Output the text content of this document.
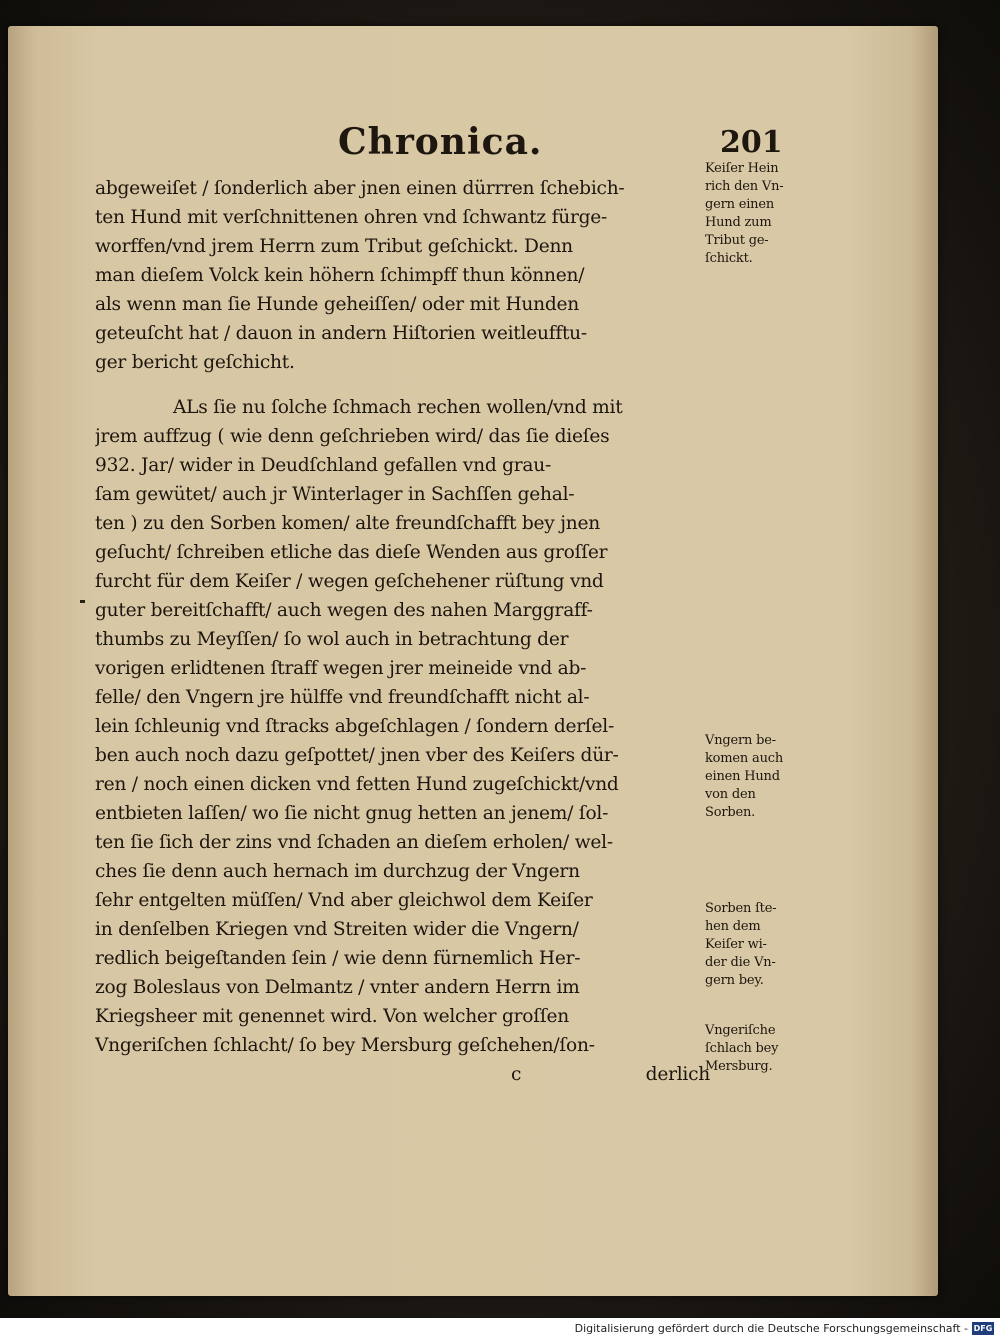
Chronica.	201
abgeweiſet / ſonderlich aber jnen einen dürrren ſchebich-
ten Hund mit verſchnittenen ohren vnd ſchwantz fürge-
worffen/vnd jrem Herrn zum Tribut geſchickt. Denn
man dieſem Volck kein höhern ſchimpff thun können/
als wenn man ſie Hunde geheiſſen/ oder mit Hunden
geteuſcht hat / dauon in andern Hiſtorien weitleufftu-
ger bericht geſchicht.
ALs ſie nu ſolche ſchmach rechen wollen/vnd mit
jrem auffzug ( wie denn geſchrieben wird/ das ſie dieſes
932. Jar/ wider in Deudſchland gefallen vnd grau-
ſam gewütet/ auch jr Winterlager in Sachſſen gehal-
ten ) zu den Sorben komen/ alte freundſchafft bey jnen
geſucht/ ſchreiben etliche das dieſe Wenden aus groſſer
furcht für dem Keiſer / wegen geſchehener rüſtung vnd
guter bereitſchafft/ auch wegen des nahen Marggraff-
thumbs zu Meyſſen/ ſo wol auch in betrachtung der
vorigen erlidtenen ſtraff wegen jrer meineide vnd ab-
felle/ den Vngern jre hülffe vnd freundſchafft nicht al-
lein ſchleunig vnd ſtracks abgeſchlagen / ſondern derſel-
ben auch noch dazu geſpottet/ jnen vber des Keiſers dür-
ren / noch einen dicken vnd fetten Hund zugeſchickt/vnd
entbieten laſſen/ wo ſie nicht gnug hetten an jenem/ ſol-
ten ſie ſich der zins vnd ſchaden an dieſem erholen/ wel-
ches ſie denn auch hernach im durchzug der Vngern
ſehr entgelten müſſen/ Vnd aber gleichwol dem Keiſer
in denſelben Kriegen vnd Streiten wider die Vngern/
redlich beigeſtanden ſein / wie denn fürnemlich Her-
zog Boleslaus von Delmantz / vnter andern Herrn im
Kriegsheer mit genennet wird. Von welcher groſſen
Vngeriſchen ſchlacht/ ſo bey Mersburg geſchehen/ſon-
c	derlich
Keiſer Hein
rich den Vn-
gern einen
Hund zum
Tribut ge-
ſchickt.
Vngern be-
komen auch
einen Hund
von den
Sorben.
Sorben ſte-
hen dem
Keiſer wi-
der die Vn-
gern bey.
Vngeriſche
ſchlach bey
Mersburg.
Digitalisierung gefördert durch die Deutsche Forschungsgemeinschaft - DFG
